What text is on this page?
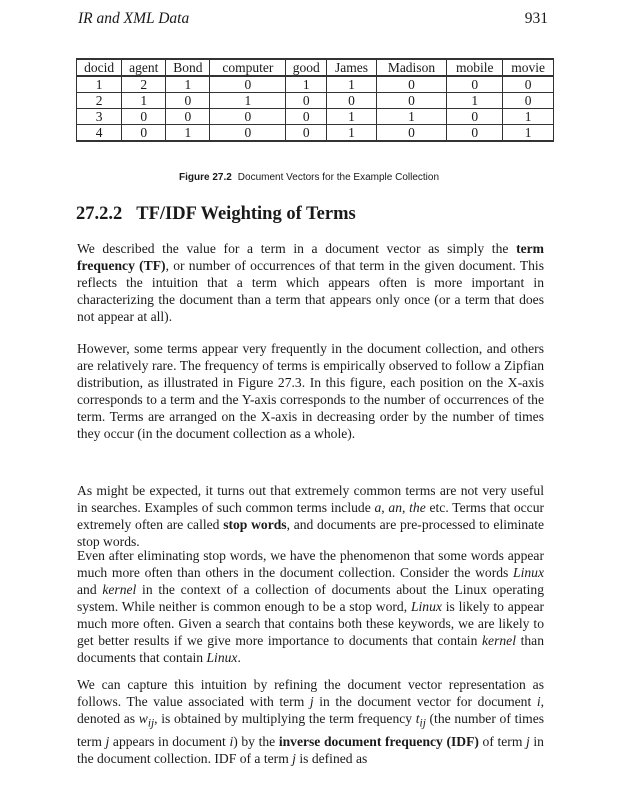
IR and XML Data	931
docid	agent	Bond	computer	good	James	Madison	mobile	movie
1	2	1	0	1	1	0	0	0
2	1	0	1	0	0	0	1	0
3	0	0	0	0	1	1	0	1
4	0	1	0	0	1	0	0	1
Figure 27.2 Document Vectors for the Example Collection
27.2.2 TF/IDF Weighting of Terms

We described the value for a term in a document vector as simply the term frequency (TF), or number of occurrences of that term in the given document. This reflects the intuition that a term which appears often is more important in characterizing the document than a term that appears only once (or a term that does not appear at all).

However, some terms appear very frequently in the document collection, and others are relatively rare. The frequency of terms is empirically observed to follow a Zipfian distribution, as illustrated in Figure 27.3. In this figure, each position on the X-axis corresponds to a term and the Y-axis corresponds to the number of occurrences of the term. Terms are arranged on the X-axis in decreasing order by the number of times they occur (in the document collection as a whole).

As might be expected, it turns out that extremely common terms are not very useful in searches. Examples of such common terms include a, an, the etc. Terms that occur extremely often are called stop words, and documents are pre-processed to eliminate stop words.

Even after eliminating stop words, we have the phenomenon that some words appear much more often than others in the document collection. Consider the words Linux and kernel in the context of a collection of documents about the Linux operating system. While neither is common enough to be a stop word, Linux is likely to appear much more often. Given a search that contains both these keywords, we are likely to get better results if we give more importance to documents that contain kernel than documents that contain Linux.

We can capture this intuition by refining the document vector representation as follows. The value associated with term j in the document vector for document i, denoted as $w_{ij}$, is obtained by multiplying the term frequency $t_{ij}$ (the number of times term j appears in document i) by the inverse document frequency (IDF) of term j in the document collection. IDF of a term j is defined as
